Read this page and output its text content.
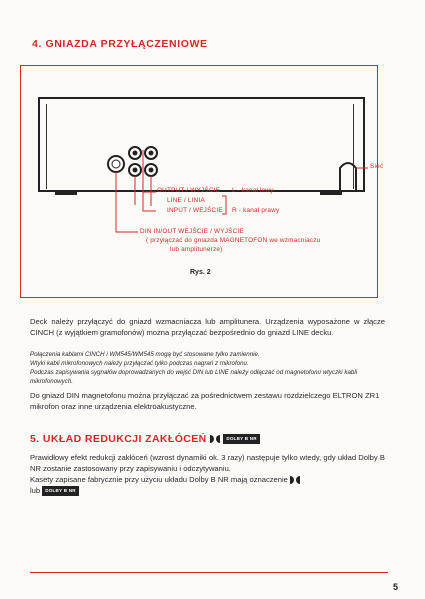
4. GNIAZDA PRZYŁĄCZENIOWE
OUTPUT / WYJŚCIE
LINE / LINIA
INPUT / WEJŚCIE
L - kanał lewy
R - kanał prawy
DIN IN/OUT WEJŚCIE / WYJŚCIE
( przyłączać do gniazda MAGNETOFON we wzmacniaczu
lub amplitunerze)
Sieć
Rys. 2
Deck należy przyłączyć do gniazd wzmacniacza lub amplitunera. Urządzenia wyposażone w złącze CINCH (z wyjątkiem gramofonów) można przyłączać bezpośrednio do gniazd LINE decku.
Połączenia kablami CINCH i WM545/WM545 mogą być stosowane tylko zamiennie.
Wtyki kabli mikrofonowych należy przyłączać tylko podczas nagrań z mikrofonu.
Podczas zapisywania sygnałów doprowadzanych do wejść DIN lub LINE należy odłączać od magnetofonu wtyczki kabli mikrofonowych.
Do gniazd DIN magnetofonu można przyłączać za pośrednictwem zestawu rozdzielczego ELTRON ZR1 mikrofon oraz inne urządzenia elektroakustyczne.
5. UKŁAD REDUKCJI ZAKŁÓCEŃ	DOLBY B NR
Prawidłowy efekt redukcji zakłóceń (wzrost dynamiki ok. 3 razy) następuje tylko wtedy, gdy układ Dolby B NR zostanie zastosowany przy zapisywaniu i odczytywaniu.
Kasety zapisane fabrycznie przy użyciu układu Dolby B NR mają oznaczenie
lub DOLBY B NR
5
